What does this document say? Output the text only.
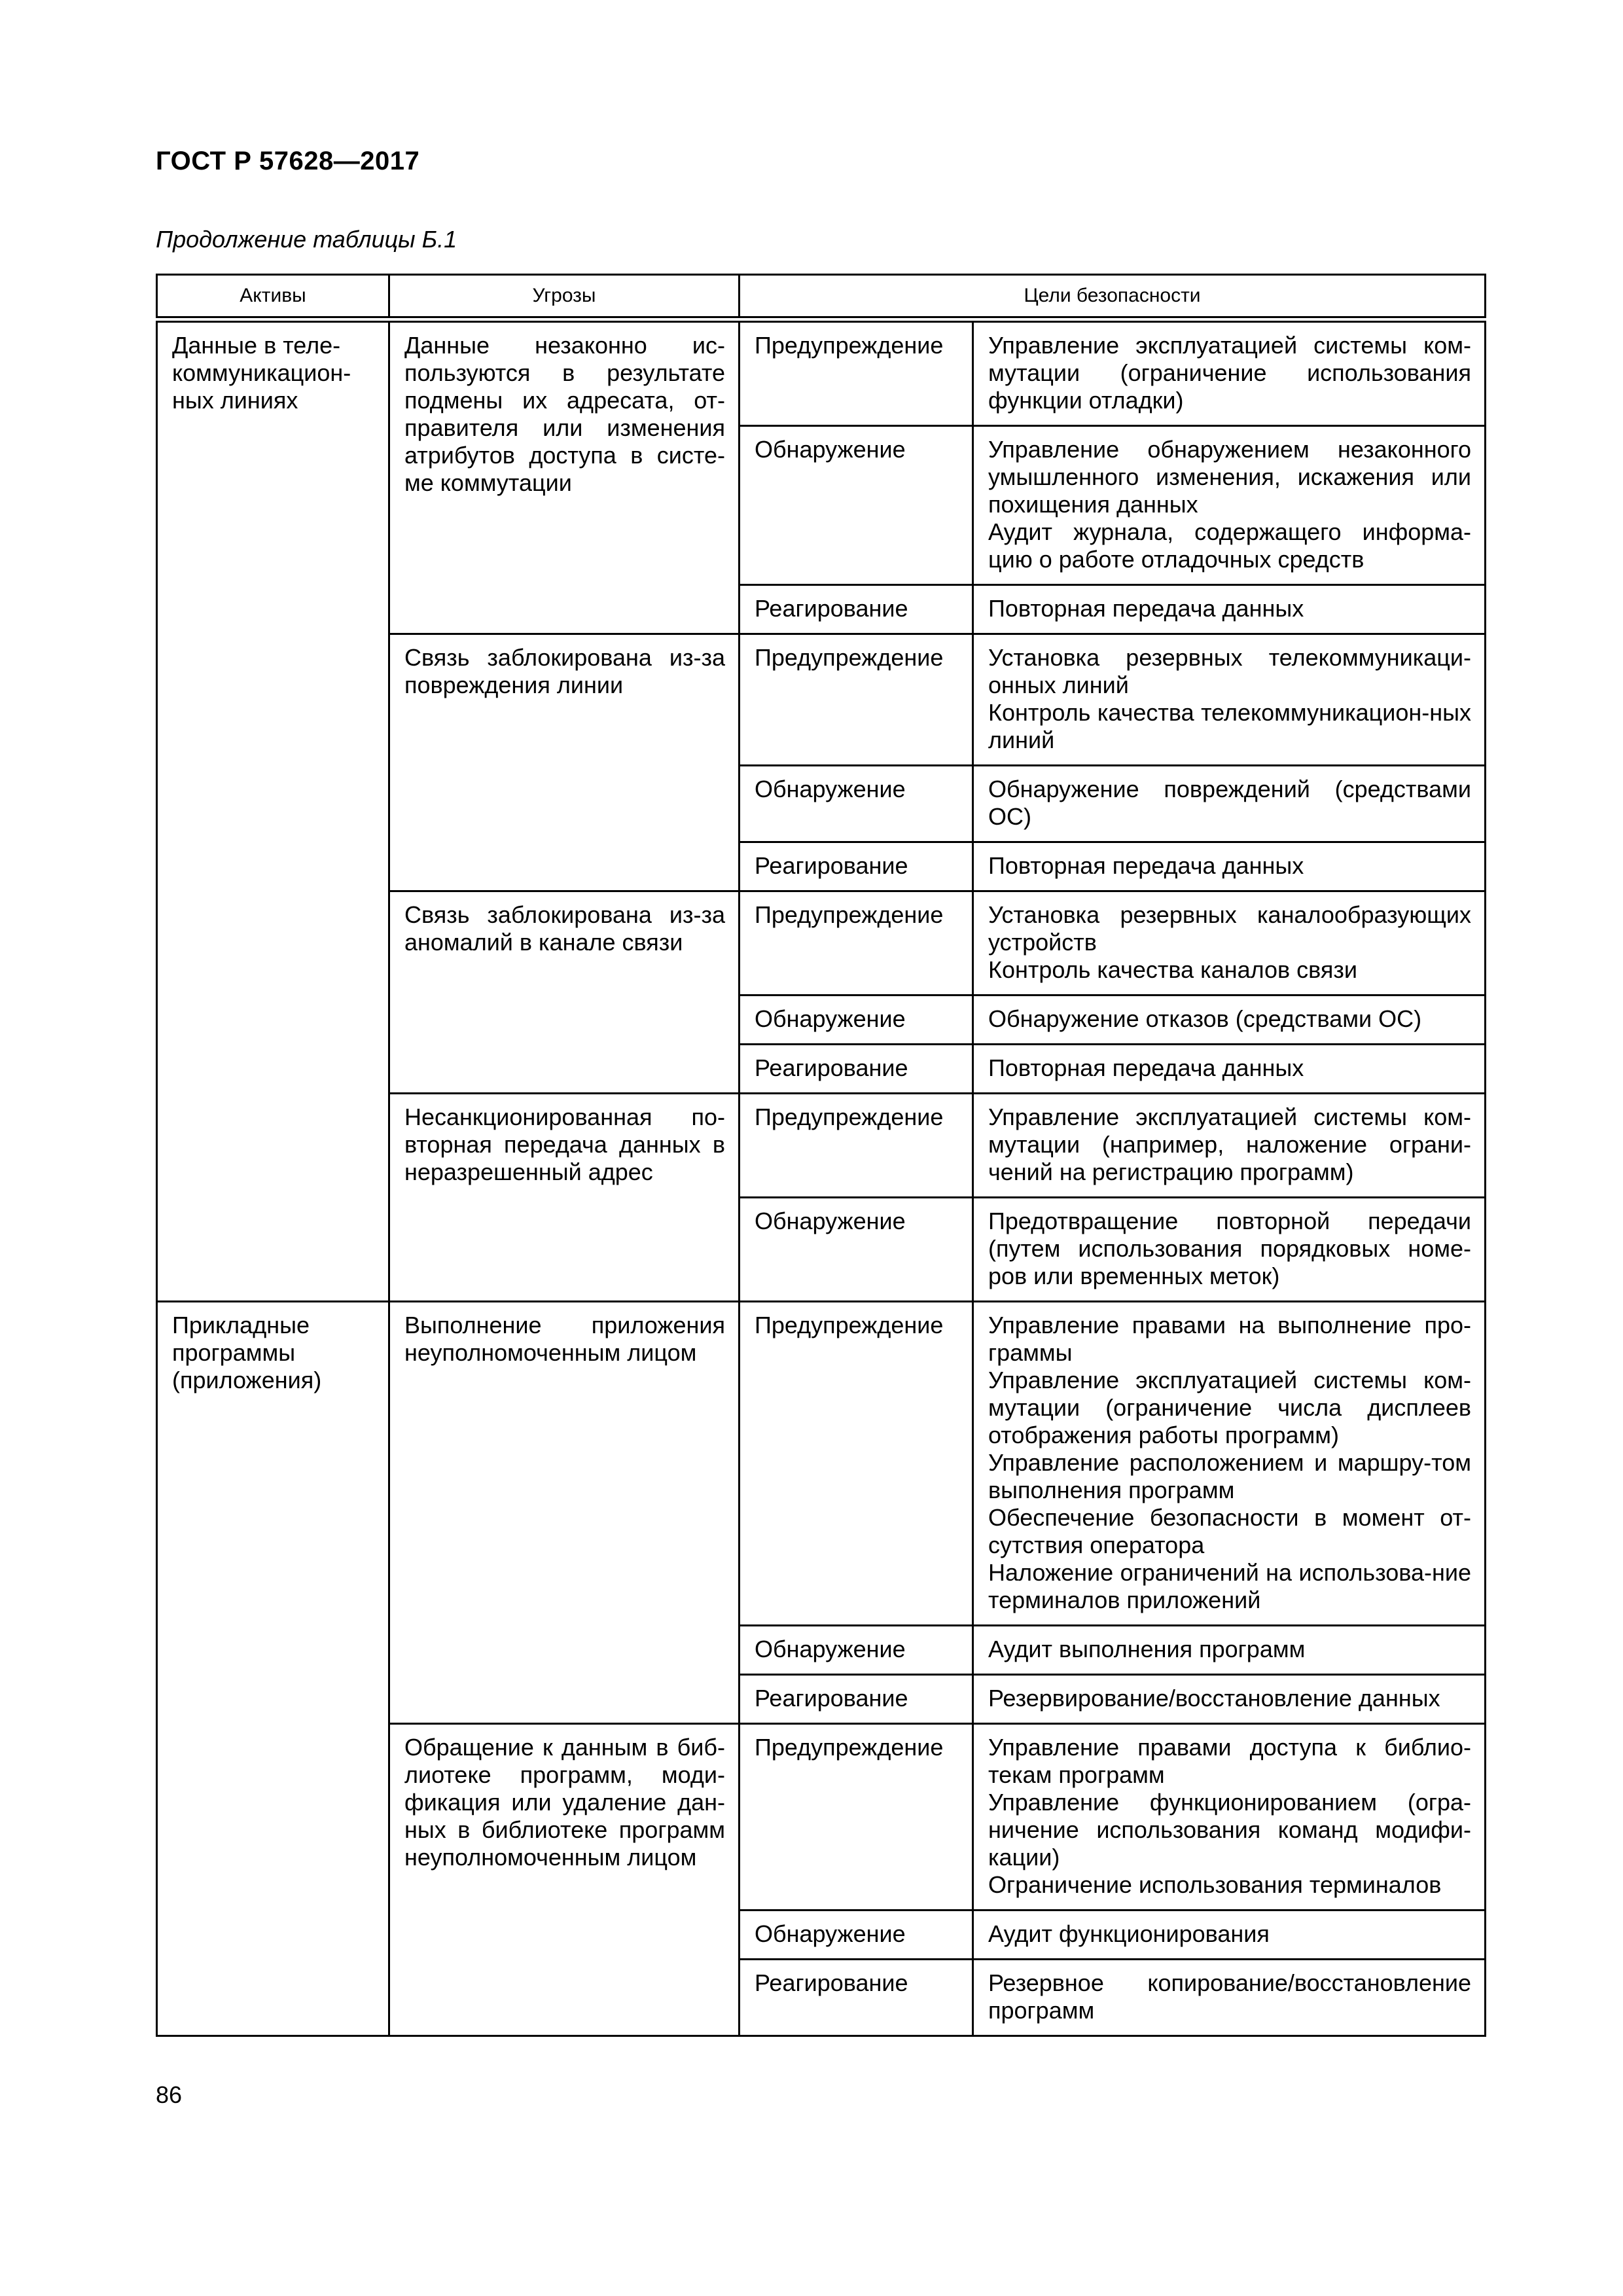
ГОСТ Р 57628—2017
Продолжение таблицы Б.1
Активы	Угрозы	Цели безопасности	
Данные в теле-коммуникацион-ных линиях	Данные незаконно ис-пользуются в результате подмены их адресата, от-правителя или изменения атрибутов доступа в систе-ме коммутации	Предупреждение	Управление эксплуатацией системы ком-мутации (ограничение использования функции отладки)

		Обнаружение	Управление обнаружением незаконного умышленного изменения, искажения или похищения данных
Аудит журнала, содержащего информа-цию о работе отладочных средств

		Реагирование	Повторная передача данных

	Связь заблокирована из-за повреждения линии	Предупреждение	Установка резервных телекоммуникаци-онных линий
Контроль качества телекоммуникацион-ных линий

		Обнаружение	Обнаружение повреждений (средствами ОС)

		Реагирование	Повторная передача данных

	Связь заблокирована из-за аномалий в канале связи	Предупреждение	Установка резервных каналообразующих устройств
Контроль качества каналов связи

		Обнаружение	Обнаружение отказов (средствами ОС)

		Реагирование	Повторная передача данных

	Несанкционированная по-вторная передача данных в неразрешенный адрес	Предупреждение	Управление эксплуатацией системы ком-мутации (например, наложение ограни-чений на регистрацию программ)

		Обнаружение	Предотвращение повторной передачи (путем использования порядковых номе-ров или временных меток)

Прикладные программы (приложения)	Выполнение приложения неуполномоченным лицом	Предупреждение	Управление правами на выполнение про-граммы
Управление эксплуатацией системы ком-мутации (ограничение числа дисплеев отображения работы программ)
Управление расположением и маршру-том выполнения программ
Обеспечение безопасности в момент от-сутствия оператора
Наложение ограничений на использова-ние терминалов приложений

		Обнаружение	Аудит выполнения программ

		Реагирование	Резервирование/восстановление данных

	Обращение к данным в биб-лиотеке программ, моди-фикация или удаление дан-ных в библиотеке программ неуполномоченным лицом	Предупреждение	Управление правами доступа к библио-текам программ
Управление функционированием (огра-ничение использования команд модифи-кации)
Ограничение использования терминалов

		Обнаружение	Аудит функционирования

		Реагирование	Резервное копирование/восстановление программ
86
